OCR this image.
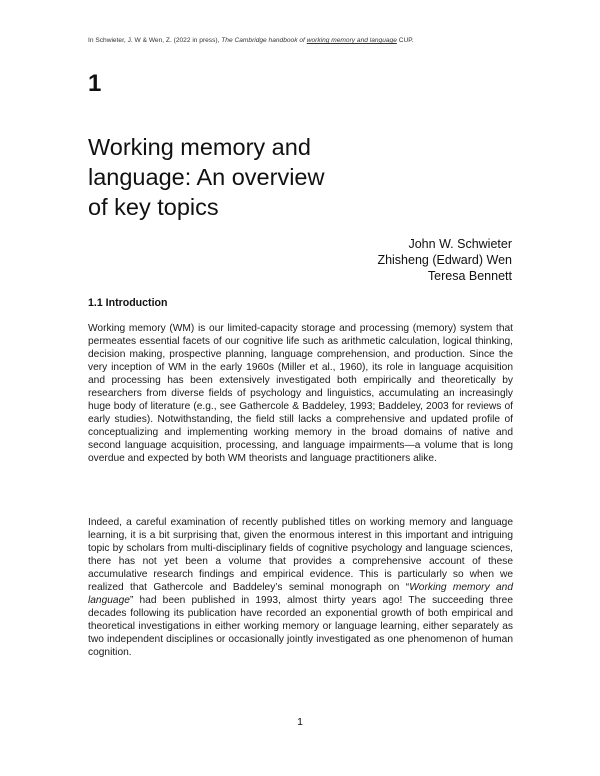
In Schwieter, J. W & Wen, Z. (2022 in press), The Cambridge handbook of working memory and language CUP.
1
Working memory and
language: An overview
of key topics
John W. Schwieter
Zhisheng (Edward) Wen
Teresa Bennett
1.1 Introduction

Working memory (WM) is our limited-capacity storage and processing (memory) system that permeates essential facets of our cognitive life such as arithmetic calculation, logical thinking, decision making, prospective planning, language comprehension, and production. Since the very inception of WM in the early 1960s (Miller et al., 1960), its role in language acquisition and processing has been extensively investigated both empirically and theoretically by researchers from diverse fields of psychology and linguistics, accumulating an increasingly huge body of literature (e.g., see Gathercole & Baddeley, 1993; Baddeley, 2003 for reviews of early studies). Notwithstanding, the field still lacks a comprehensive and updated profile of conceptualizing and implementing working memory in the broad domains of native and second language acquisition, processing, and language impairments—a volume that is long overdue and expected by both WM theorists and language practitioners alike.

Indeed, a careful examination of recently published titles on working memory and language learning, it is a bit surprising that, given the enormous interest in this important and intriguing topic by scholars from multi-disciplinary fields of cognitive psychology and language sciences, there has not yet been a volume that provides a comprehensive account of these accumulative research findings and empirical evidence. This is particularly so when we realized that Gathercole and Baddeley’s seminal monograph on “Working memory and language” had been published in 1993, almost thirty years ago! The succeeding three decades following its publication have recorded an exponential growth of both empirical and theoretical investigations in either working memory or language learning, either separately as two independent disciplines or occasionally jointly investigated as one phenomenon of human cognition.

1
